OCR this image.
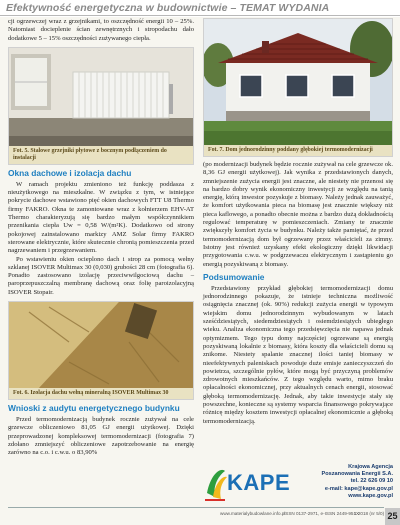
Efektywność energetyczna w budownictwie – TEMAT WYDANIA

cji ogrzewczej wraz z grzejnikami, to oszczędność energii 10 – 25%. Natomiast docieplenie ścian zewnętrznych i stropodachu dało dodatkowe 5 – 15% oszczędności zużywanego ciepła.

Fot. 5. Stalowe grzejniki płytowe z bocznym podłączeniem do instalacji
Okna dachowe i izolacja dachu

W ramach projektu zmieniono też funkcję poddasza z nieużytkowego na mieszkalne. W związku z tym, w istniejące pokrycie dachowe wstawiono pięć okien dachowych FTT U8 Thermo firmy FAKRO. Okna te zamontowane wraz z kołnierzem EHV-AT Thermo charakteryzują się bardzo małym współczynnikiem przenikania ciepła Uw = 0,58 W/(m²K). Dodatkowo od strony pokojowej zainstalowano markizy AMZ Solar firmy FAKRO sterowane elektrycznie, które skutecznie chronią pomieszczenia przed nagrzewaniem i przegrzewaniem.

Po wstawieniu okien ocieplono dach i strop za pomocą wełny szklanej ISOVER Multimax 30 (0,030) grubości 28 cm (fotografia 6). Ponadto zastosowano izolację przeciwwilgociową dachu – paroprzepuszczalną membranę dachową oraz folię paroizolacyjną ISOVER Stopair.

Fot. 6. Izolacja dachu wełną mineralną ISOVER Multimax 30
Wnioski z audytu energetycznego budynku

Przed termomodernizacją budynek rocznie zużywał na cele grzewcze obliczeniowo 81,05 GJ energii użytkowej. Dzięki przeprowadzonej kompleksowej termomodernizacji (fotografia 7) zdołano zmniejszyć obliczeniowe zapotrzebowanie na energię zarówno na c.o. i c.w.u. o 83,90%

Fot. 7. Dom jednorodzinny poddany głębokiej termomodernizacji

(po modernizacji budynek będzie rocznie zużywał na cele grzewcze ok. 8,36 GJ energii użytkowej). Jak wynika z przedstawionych danych, zmniejszenie zużycia energii jest znaczne, ale niestety nie przenosi się na bardzo dobry wynik ekonomiczny inwestycji ze względu na tanią energię, którą inwestor pozyskuje z biomasy. Należy jednak zauważyć, że komfort użytkowania pieca na biomasę jest znacznie większy niż pieca kaflowego, a ponadto obecnie można z bardzo dużą dokładnością regulować temperaturę w pomieszczeniach. Zmiany te znacznie zwiększyły komfort życia w budynku. Należy także pamiętać, że przed termomodernizacją dom był ogrzewany przez właścicieli za zimny. Istotny jest również uzyskany efekt ekologiczny dzięki likwidacji przygotowania c.w.u. w podgrzewaczu elektrycznym i zastąpieniu go energią pozyskiwaną z biomasy.

Podsumowanie

Przedstawiony przykład głębokiej termomodernizacji domu jednorodzinnego pokazuje, że istnieje techniczna możliwość osiągnięcia znacznej (ok. 90%) redukcji zużycia energii w typowym wiejskim domu jednorodzinnym wybudowanym w latach sześćdziesiątych, siedemdziesiątych i osiemdziesiątych ubiegłego wieku. Analiza ekonomiczna tego przedsięwzięcia nie napawa jednak optymizmem. Tego typu domy najczęściej ogrzewane są energią pozyskiwaną lokalnie z biomasy, która koszty dla właścicieli domu są znikome. Niestety spalanie znacznej ilości taniej biomasy w nieefektywnych paleniskach powoduje duże emisje zanieczyszczeń do powietrza, szczególnie pyłów, które mogą być przyczyną problemów zdrowotnych mieszkańców. Z tego względu warto, mimo braku opłacalności ekonomicznej, przy aktualnych cenach energii, stosować głęboką termomodernizację. Jednak, aby takie inwestycje stały się powszechne, konieczne są systemy wsparcia finansowego pokrywające różnicę między kosztem inwestycji opłacalnej ekonomicznie a głęboką termomodernizacją.

KAPE
Krajowa Agencja
Poszanowania Energii S.A.
tel. 22 626 09 10
e-mail: kape@kape.gov.pl
www.kape.gov.pl
www.materialybudowlane.info.pl
ISSN 0137-2971, e-ISSN 2449-951X
1 2018 (nr 5/0) 25
